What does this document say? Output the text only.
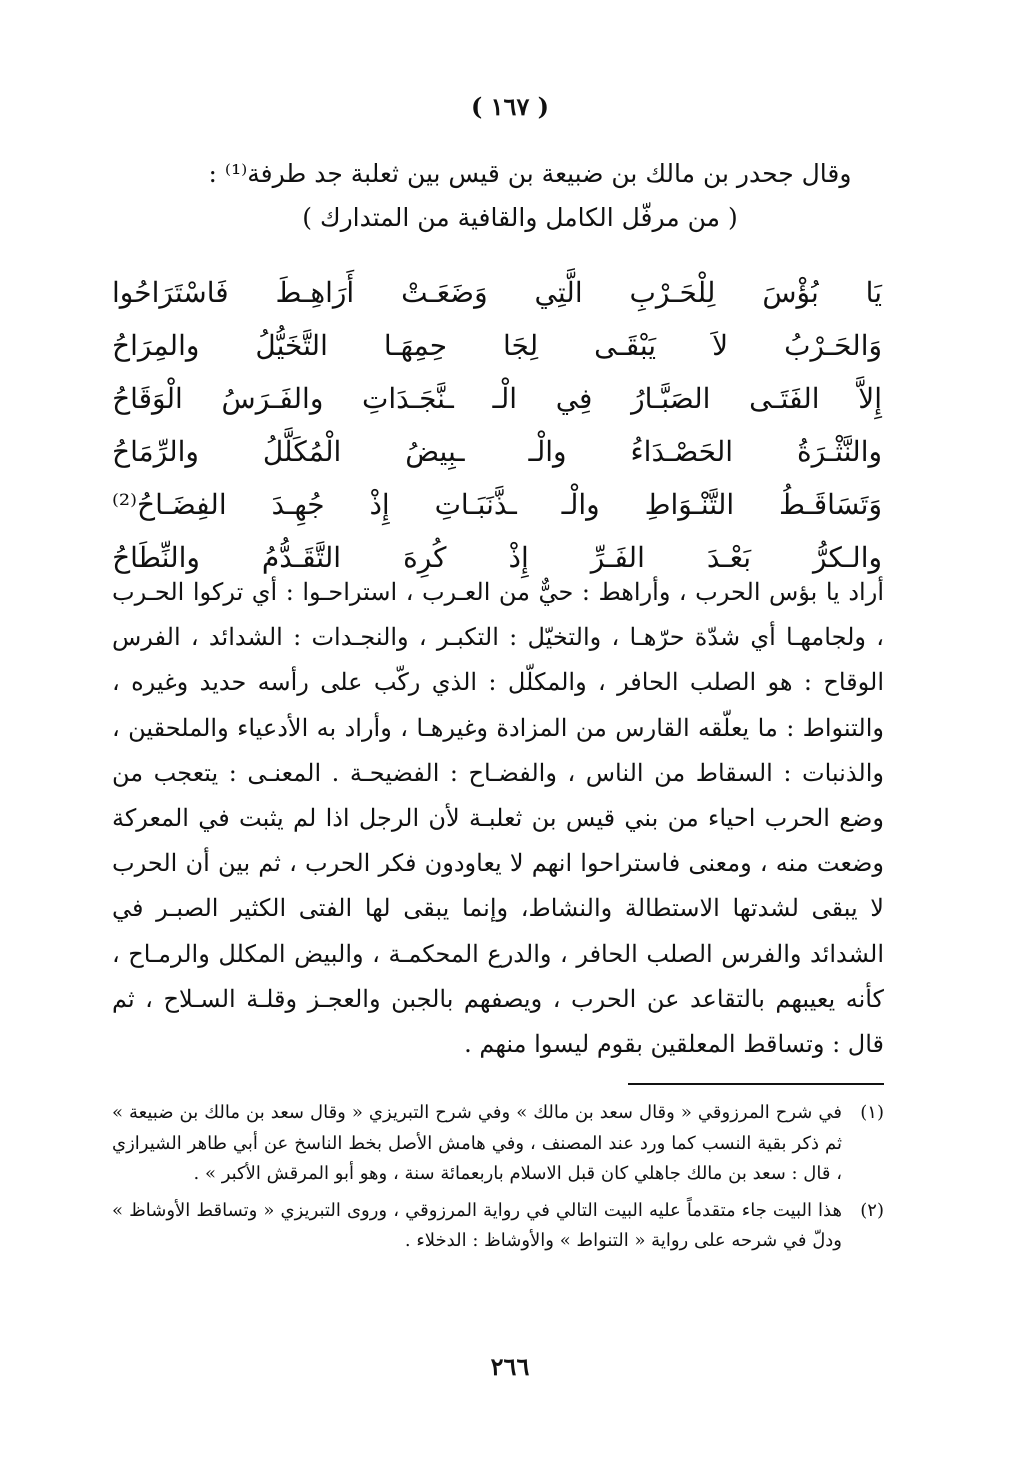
( ١٦٧ )
وقال جحدر بن مالك بن ضبيعة بن قيس بين ثعلبة جد طرفة⁽¹⁾ :
( من مرفّل الكامل والقافية من المتدارك )
يَا
بُؤْسَ
لِلْحَـرْبِ
الَّتِي
وَضَعَـتْ
أَرَاهِـطَ
فَاسْتَرَاحُوا
وَالحَـرْبُ
لاَ
يَبْقَـى
لِجَا
حِمِهَـا
التَّخَيُّلُ
والمِرَاحُ
إِلاَّ
الفَتَـى
الصَبَّـارُ
فِي
الْـ
ـنَّجَـدَاتِ
والفَـرَسُ
الْوَقَاحُ
والنَّثْـرَةُ
الحَصْـدَاءُ
والْـ
ـبِيضُ
الْمُكَلَّلُ
والرِّمَاحُ
وَتَسَاقَـطُ
التَّنْـوَاطِ
والْـ
ـذَّنَبَـاتِ
إِذْ
جُهِـدَ
الفِضَـاحُ⁽²⁾
والـكرُّ
بَعْـدَ
الفَـرِّ
إِذْ
كُرِهَ
التَّقَـدُّمُ
والنِّطَاحُ

أراد يا بؤس الحرب ، وأراهط : حيٌّ من العـرب ، استراحـوا : أي تركوا الحـرب ، ولجامهـا أي شدّة حرّهـا ، والتخيّل : التكبـر ، والنجـدات : الشدائد ، الفرس الوقاح : هو الصلب الحافر ، والمكلّل : الذي ركّب على رأسه حديد وغيره ، والتنواط : ما يعلّقه القارس من المزادة وغيرهـا ، وأراد به الأدعياء والملحقين ، والذنبات : السقاط من الناس ، والفضـاح : الفضيحـة . المعنـى : يتعجب من وضع الحرب احياء من بني قيس بن ثعلبـة لأن الرجل اذا لم يثبت في المعركة وضعت منه ، ومعنى فاستراحوا انهم لا يعاودون فكر الحرب ، ثم بين أن الحرب لا يبقى لشدتها الاستطالة والنشاط، وإنما يبقى لها الفتى الكثير الصبـر في الشدائد والفرس الصلب الحافر ، والدرع المحكمـة ، والبيض المكلل والرمـاح ، كأنه يعيبهم بالتقاعد عن الحرب ، ويصفهم بالجبن والعجـز وقلـة السـلاح ، ثم قال : وتساقط المعلقين بقوم ليسوا منهم .

(١)
في شرح المرزوقي « وقال سعد بن مالك » وفي شرح التبريزي « وقال سعد بن مالك بن ضبيعة » ثم ذكر بقية النسب كما ورد عند المصنف ، وفي هامش الأصل بخط الناسخ عن أبي طاهر الشيرازي ، قال : سعد بن مالك جاهلي كان قبل الاسلام باربعمائة سنة ، وهو أبو المرقش الأكبر » .
(٢)
هذا البيت جاء متقدماً عليه البيت التالي في رواية المرزوقي ، وروى التبريزي « وتساقط الأوشاظ » ودلّ في شرحه على رواية « التنواط » والأوشاظ : الدخلاء .
٢٦٦
